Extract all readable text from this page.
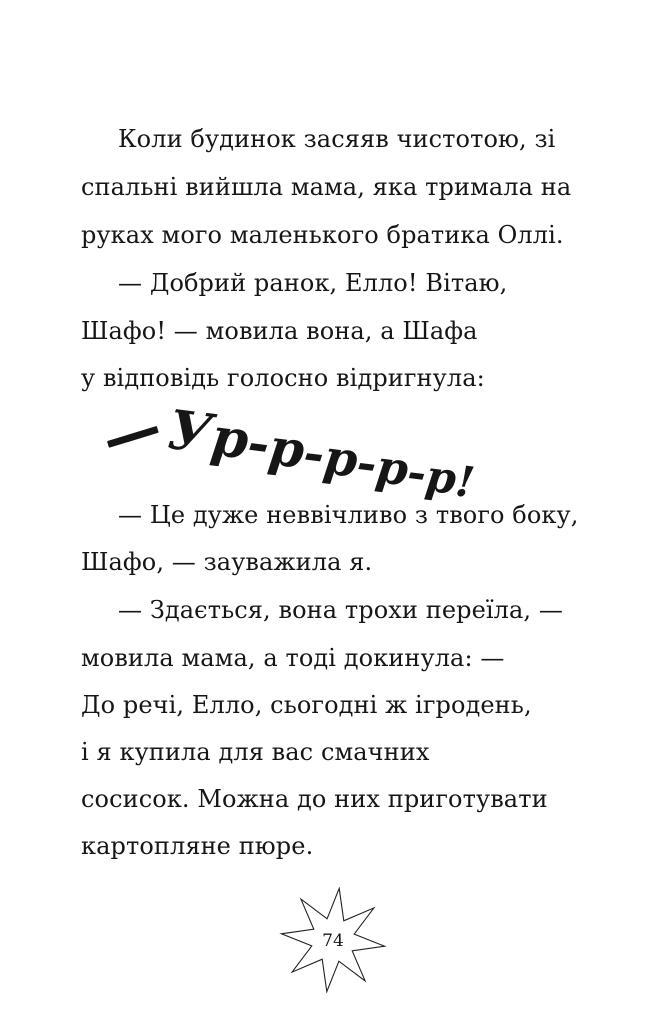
Коли будинок засяяв чистотою, зі
спальні вийшла мама, яка тримала на
руках мого маленького братика Оллі.
— Добрий ранок, Елло! Вітаю,
Шафо! — мовила вона, а Шафа
у відповідь голосно відригнула:
Ур-р-р-р-р!
— Це дуже неввічливо з твого боку,
Шафо, — зауважила я.
— Здається, вона трохи переїла, —
мовила мама, а тоді докинула: —
До речі, Елло, сьогодні ж ігродень,
і я купила для вас смачних
сосисок. Можна до них приготувати
картопляне пюре.
74
